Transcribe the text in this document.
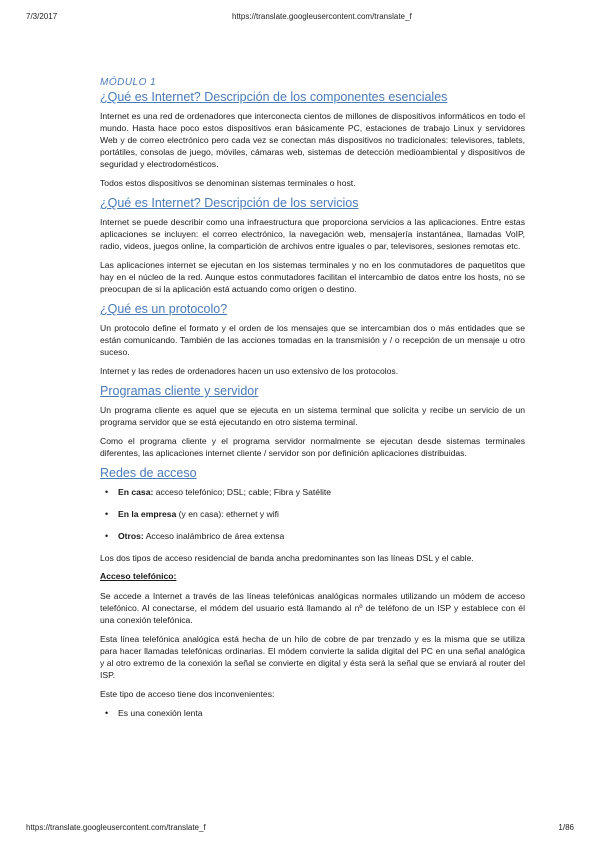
7/3/2017	https://translate.googleusercontent.com/translate_f
MÓDULO 1
¿Qué es Internet? Descripción de los componentes esenciales

Internet es una red de ordenadores que interconecta cientos de millones de dispositivos informáticos en todo el mundo. Hasta hace poco estos dispositivos eran básicamente PC, estaciones de trabajo Linux y servidores Web y de correo electrónico pero cada vez se conectan más dispositivos no tradicionales: televisores, tablets, portátiles, consolas de juego, móviles, cámaras web, sistemas de detección medioambiental y dispositivos de seguridad y electrodomésticos.

Todos estos dispositivos se denominan sistemas terminales o host.

¿Qué es Internet? Descripción de los servicios

Internet se puede describir como una infraestructura que proporciona servicios a las aplicaciones. Entre estas aplicaciones se incluyen: el correo electrónico, la navegación web, mensajería instantánea, llamadas VoIP, radio, videos, juegos online, la compartición de archivos entre iguales o par, televisores, sesiones remotas etc.

Las aplicaciones internet se ejecutan en los sistemas terminales y no en los conmutadores de paquetitos que hay en el núcleo de la red. Aunque estos conmutadores facilitan el intercambio de datos entre los hosts, no se preocupan de si la aplicación está actuando como origen o destino.

¿Qué es un protocolo?

Un protocolo define el formato y el orden de los mensajes que se intercambian dos o más entidades que se están comunicando. También de las acciones tomadas en la transmisión y / o recepción de un mensaje u otro suceso.

Internet y las redes de ordenadores hacen un uso extensivo de los protocolos.

Programas cliente y servidor

Un programa cliente es aquel que se ejecuta en un sistema terminal que solicita y recibe un servicio de un programa servidor que se está ejecutando en otro sistema terminal.

Como el programa cliente y el programa servidor normalmente se ejecutan desde sistemas terminales diferentes, las aplicaciones internet cliente / servidor son por definición aplicaciones distribuidas.

Redes de acceso
• En casa: acceso telefónico; DSL; cable; Fibra y Satélite
• En la empresa (y en casa): ethernet y wifi
• Otros: Acceso inalámbrico de área extensa

Los dos tipos de acceso residencial de banda ancha predominantes son las líneas DSL y el cable.

Acceso telefónico:

Se accede a Internet a través de las líneas telefónicas analógicas normales utilizando un módem de acceso telefónico. Al conectarse, el módem del usuario está llamando al nº de teléfono de un ISP y establece con él una conexión telefónica.

Esta línea telefónica analógica está hecha de un hilo de cobre de par trenzado y es la misma que se utiliza para hacer llamadas telefónicas ordinarias. El módem convierte la salida digital del PC en una señal analógica y al otro extremo de la conexión la señal se convierte en digital y ésta será la señal que se enviará al router del ISP.

Este tipo de acceso tiene dos inconvenientes:

• Es una conexión lenta
https://translate.googleusercontent.com/translate_f	1/86
